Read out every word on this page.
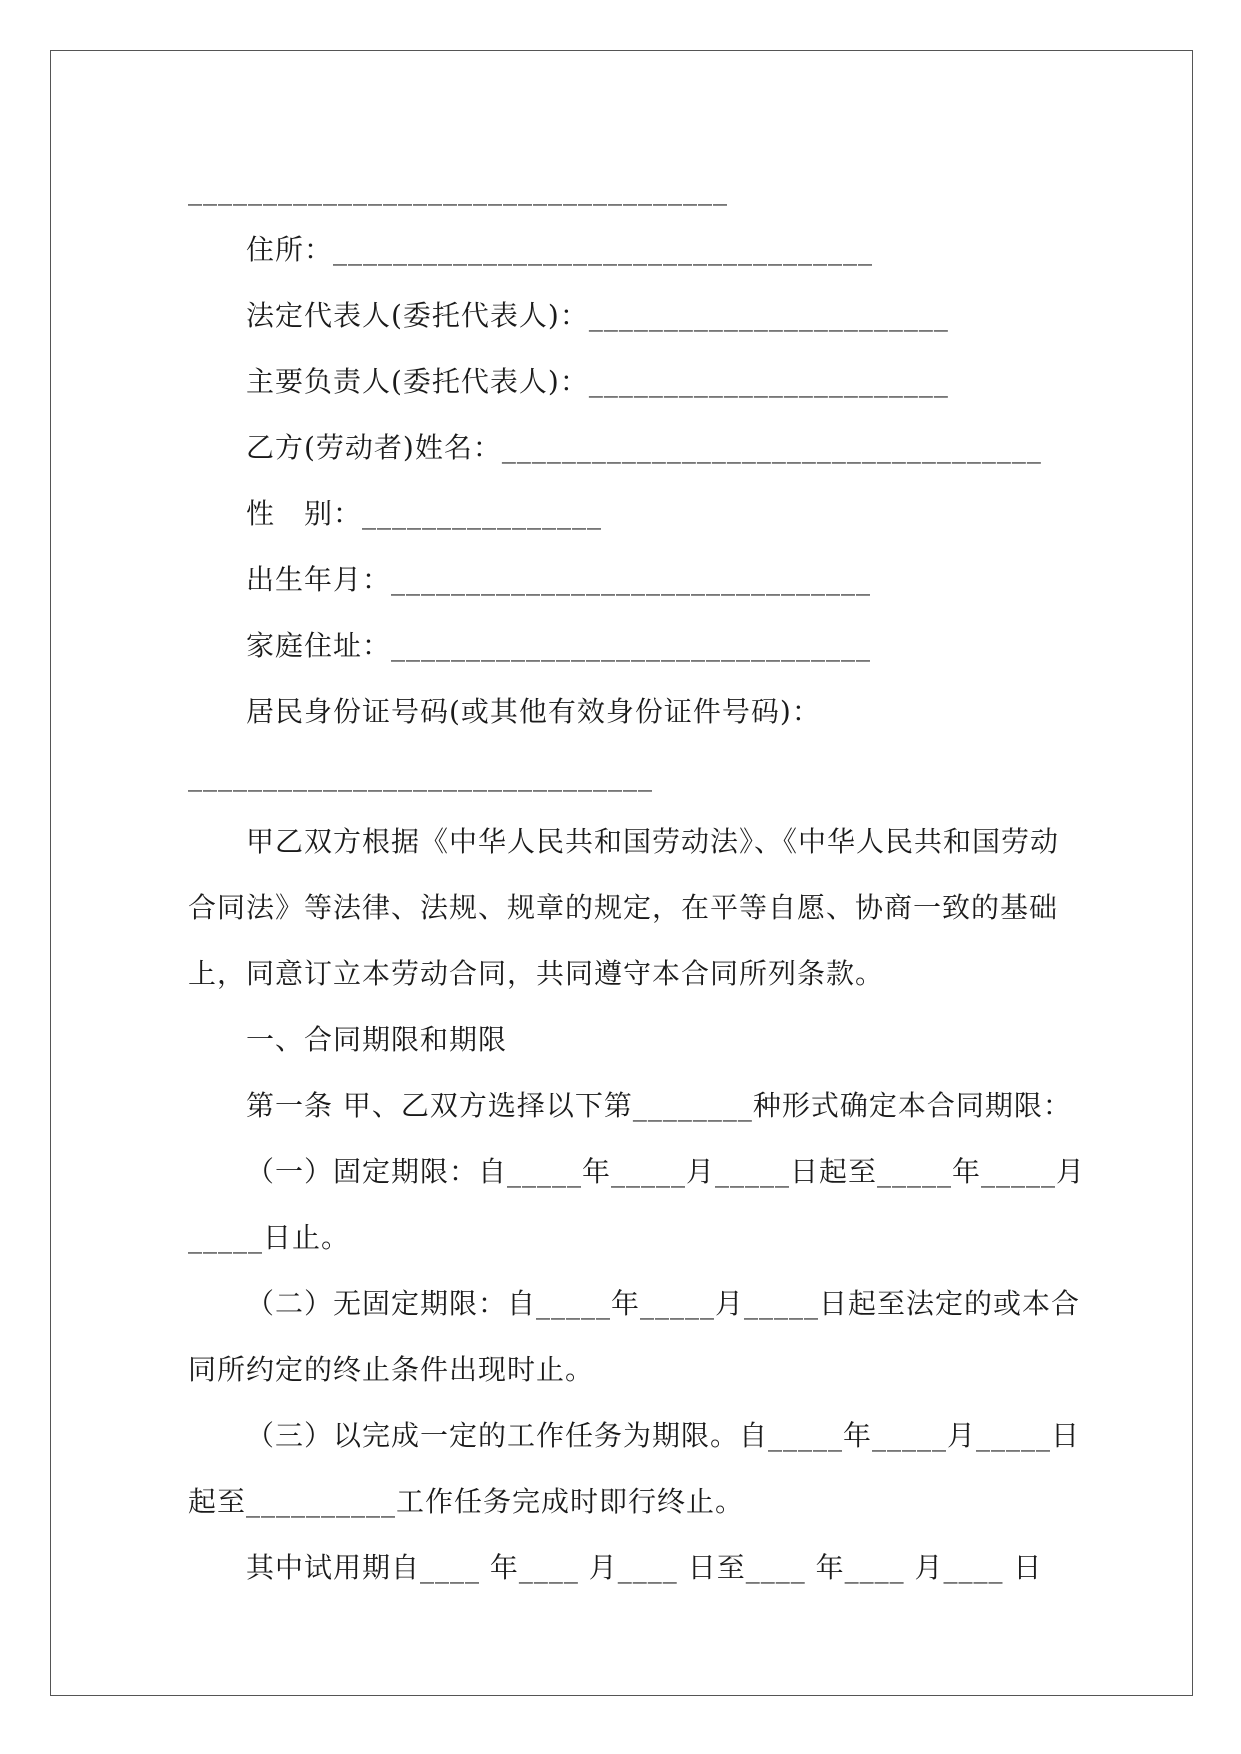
____________________________________

住所：____________________________________

法定代表人(委托代表人)：________________________

主要负责人(委托代表人)：________________________

乙方(劳动者)姓名：____________________________________

性　别：________________

出生年月：________________________________

家庭住址：________________________________

居民身份证号码(或其他有效身份证件号码)：

_______________________________

甲乙双方根据《中华人民共和国劳动法》、《中华人民共和国劳动

合同法》等法律、法规、规章的规定，在平等自愿、协商一致的基础

上，同意订立本劳动合同，共同遵守本合同所列条款。

一、合同期限和期限

第一条 甲、乙双方选择以下第________种形式确定本合同期限：

（一）固定期限：自_____年_____月_____日起至_____年_____月

_____日止。

（二）无固定期限：自_____年_____月_____日起至法定的或本合

同所约定的终止条件出现时止。

（三）以完成一定的工作任务为期限。自_____年_____月_____日

起至__________工作任务完成时即行终止。

其中试用期自____ 年____ 月____ 日至____ 年____ 月____ 日
